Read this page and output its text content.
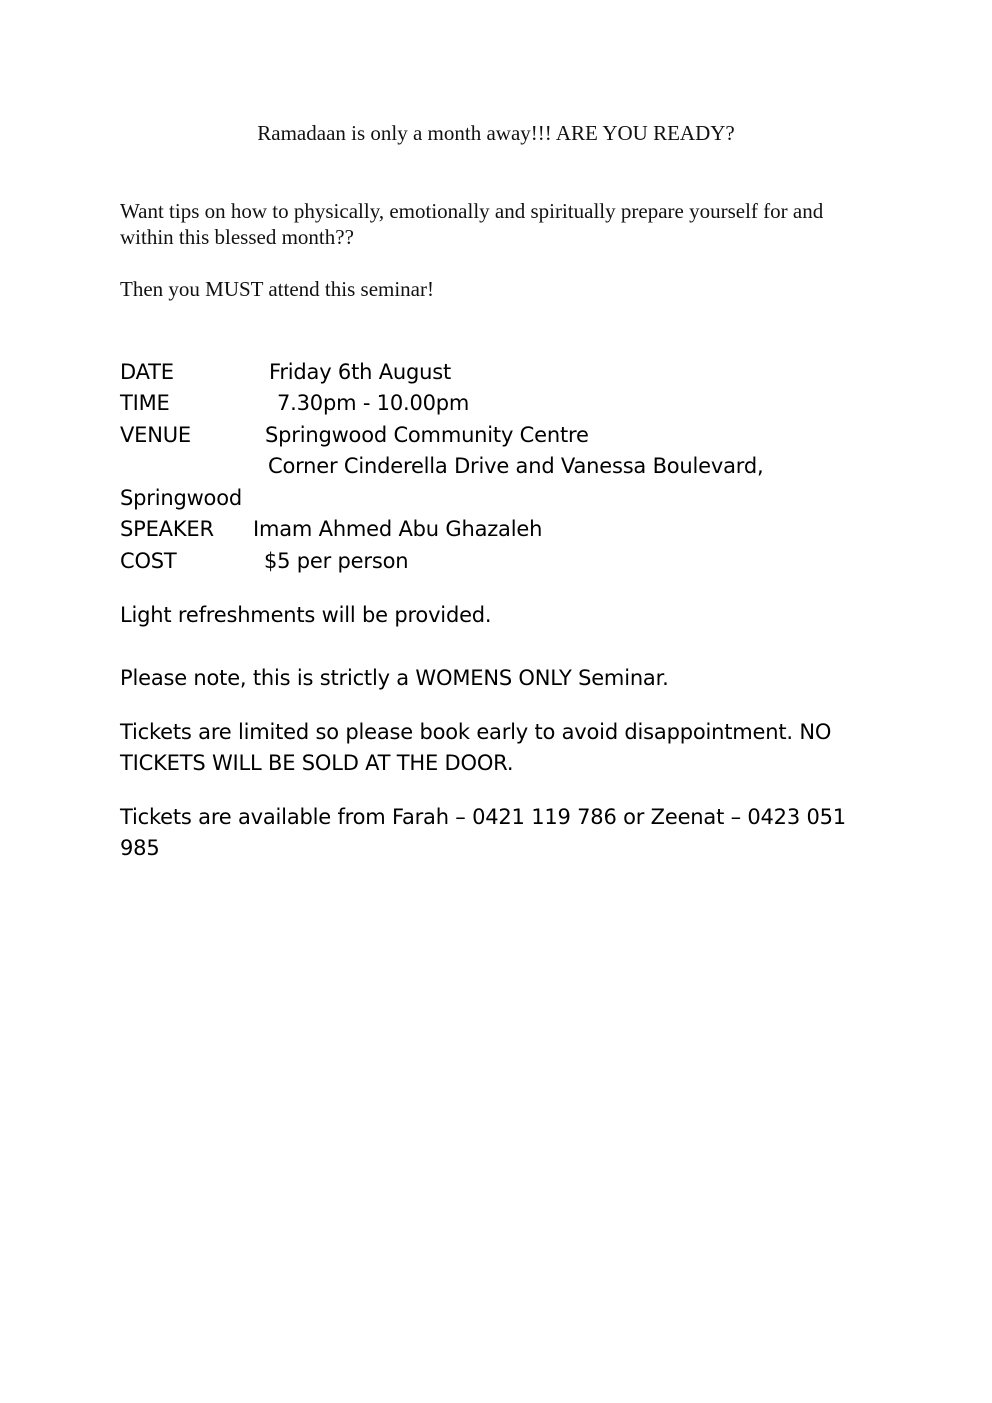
Ramadaan is only a month away!!! ARE YOU READY?

Want tips on how to physically, emotionally and spiritually prepare yourself for and within this blessed month??

Then you MUST attend this seminar!

DATE	Friday 6th August
TIME	7.30pm - 10.00pm
VENUE	Springwood Community Centre
Corner Cinderella Drive and Vanessa Boulevard,
Springwood
SPEAKER Imam Ahmed Abu Ghazaleh
COST	$5 per person

Light refreshments will be provided.

Please note, this is strictly a WOMENS ONLY Seminar.

Tickets are limited so please book early to avoid disappointment. NO TICKETS WILL BE SOLD AT THE DOOR.

Tickets are available from Farah – 0421 119 786 or Zeenat – 0423 051 985
